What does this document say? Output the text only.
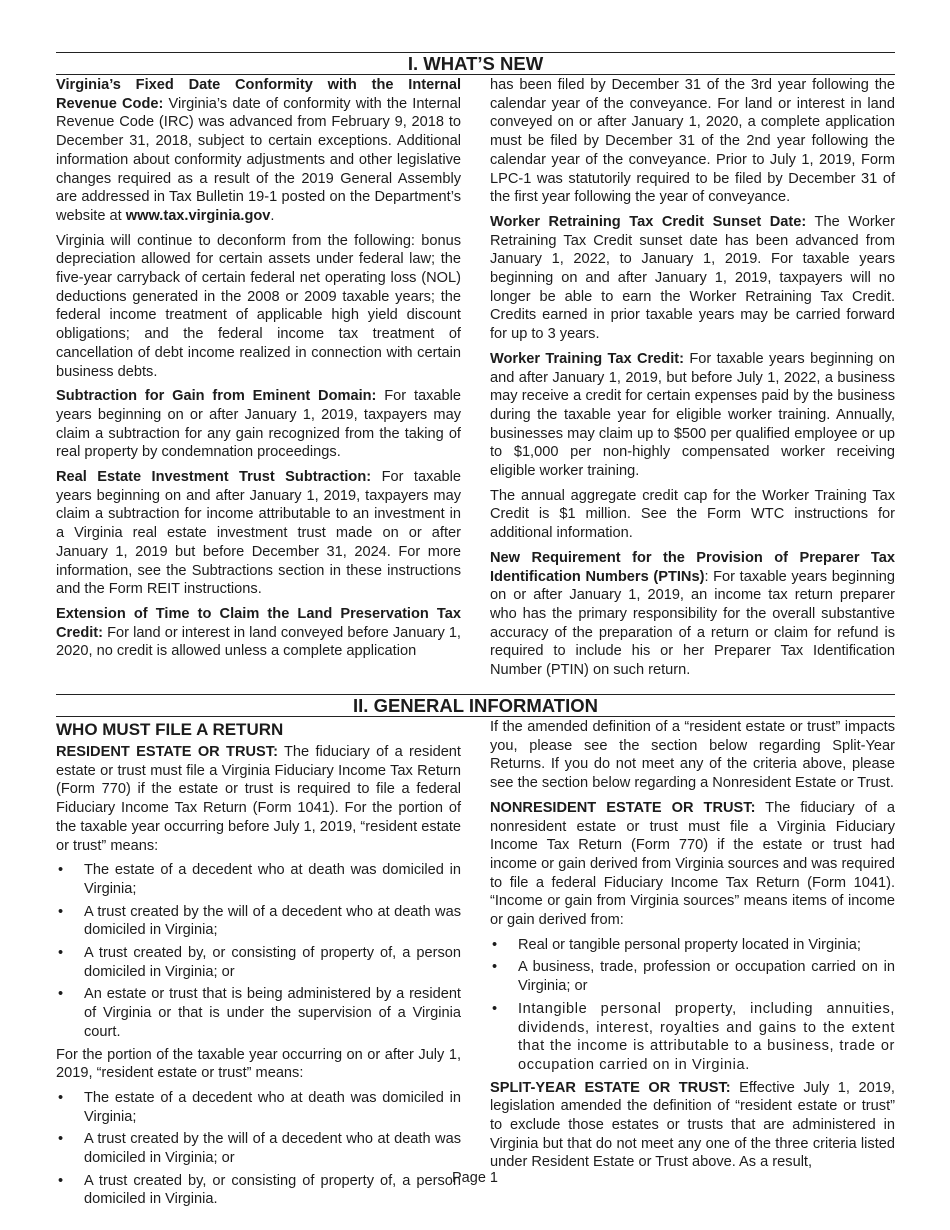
I. WHAT’S NEW

Virginia’s Fixed Date Conformity with the Internal Revenue Code: Virginia’s date of conformity with the Internal Revenue Code (IRC) was advanced from February 9, 2018 to December 31, 2018, subject to certain exceptions. Additional information about conformity adjustments and other legislative changes required as a result of the 2019 General Assembly are addressed in Tax Bulletin 19-1 posted on the Department’s website at www.tax.virginia.gov.

Virginia will continue to deconform from the following: bonus depreciation allowed for certain assets under federal law; the five-year carryback of certain federal net operating loss (NOL) deductions generated in the 2008 or 2009 taxable years; the federal income treatment of applicable high yield discount obligations; and the federal income tax treatment of cancellation of debt income realized in connection with certain business debts.

Subtraction for Gain from Eminent Domain: For taxable years beginning on or after January 1, 2019, taxpayers may claim a subtraction for any gain recognized from the taking of real property by condemnation proceedings.

Real Estate Investment Trust Subtraction: For taxable years beginning on and after January 1, 2019, taxpayers may claim a subtraction for income attributable to an investment in a Virginia real estate investment trust made on or after January 1, 2019 but before December 31, 2024. For more information, see the Subtractions section in these instructions and the Form REIT instructions.

Extension of Time to Claim the Land Preservation Tax Credit: For land or interest in land conveyed before January 1, 2020, no credit is allowed unless a complete application

has been filed by December 31 of the 3rd year following the calendar year of the conveyance. For land or interest in land conveyed on or after January 1, 2020, a complete application must be filed by December 31 of the 2nd year following the calendar year of the conveyance. Prior to July 1, 2019, Form LPC-1 was statutorily required to be filed by December 31 of the first year following the year of conveyance.

Worker Retraining Tax Credit Sunset Date: The Worker Retraining Tax Credit sunset date has been advanced from January 1, 2022, to January 1, 2019. For taxable years beginning on and after January 1, 2019, taxpayers will no longer be able to earn the Worker Retraining Tax Credit. Credits earned in prior taxable years may be carried forward for up to 3 years.

Worker Training Tax Credit: For taxable years beginning on and after January 1, 2019, but before July 1, 2022, a business may receive a credit for certain expenses paid by the business during the taxable year for eligible worker training. Annually, businesses may claim up to $500 per qualified employee or up to $1,000 per non-highly compensated worker receiving eligible worker training.

The annual aggregate credit cap for the Worker Training Tax Credit is $1 million. See the Form WTC instructions for additional information.

New Requirement for the Provision of Preparer Tax Identification Numbers (PTINs): For taxable years beginning on or after January 1, 2019, an income tax return preparer who has the primary responsibility for the overall substantive accuracy of the preparation of a return or claim for refund is required to include his or her Preparer Tax Identification Number (PTIN) on such return.

II. GENERAL INFORMATION
WHO MUST FILE A RETURN

RESIDENT ESTATE OR TRUST: The fiduciary of a resident estate or trust must file a Virginia Fiduciary Income Tax Return (Form 770) if the estate or trust is required to file a federal Fiduciary Income Tax Return (Form 1041). For the portion of the taxable year occurring before July 1, 2019, “resident estate or trust” means:

• The estate of a decedent who at death was domiciled in Virginia;
• A trust created by the will of a decedent who at death was domiciled in Virginia;
• A trust created by, or consisting of property of, a person domiciled in Virginia; or
• An estate or trust that is being administered by a resident of Virginia or that is under the supervision of a Virginia court.

For the portion of the taxable year occurring on or after July 1, 2019, “resident estate or trust” means:

• The estate of a decedent who at death was domiciled in Virginia;
• A trust created by the will of a decedent who at death was domiciled in Virginia; or
• A trust created by, or consisting of property of, a person domiciled in Virginia.

If the amended definition of a “resident estate or trust” impacts you, please see the section below regarding Split-Year Returns. If you do not meet any of the criteria above, please see the section below regarding a Nonresident Estate or Trust.

NONRESIDENT ESTATE OR TRUST: The fiduciary of a nonresident estate or trust must file a Virginia Fiduciary Income Tax Return (Form 770) if the estate or trust had income or gain derived from Virginia sources and was required to file a federal Fiduciary Income Tax Return (Form 1041). “Income or gain from Virginia sources” means items of income or gain derived from:

• Real or tangible personal property located in Virginia;
• A business, trade, profession or occupation carried on in Virginia; or
• Intangible personal property, including annuities, dividends, interest, royalties and gains to the extent that the income is attributable to a business, trade or occupation carried on in Virginia.

SPLIT-YEAR ESTATE OR TRUST: Effective July 1, 2019, legislation amended the definition of “resident estate or trust” to exclude those estates or trusts that are administered in Virginia but that do not meet any one of the three criteria listed under Resident Estate or Trust above. As a result,

Page 1
